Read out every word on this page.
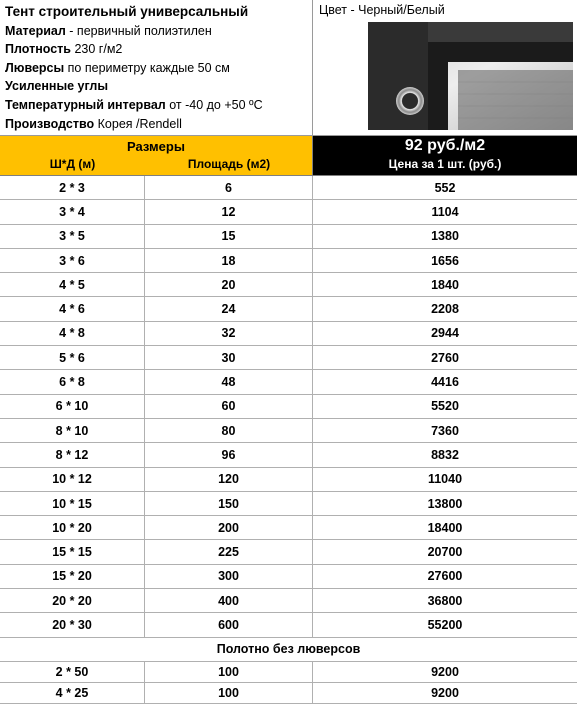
Тент строительный универсальный
Материал - первичный полиэтилен
Плотность 230 г/м2
Люверсы по периметру каждые 50 см
Усиленные углы
Температурный интервал от -40 до +50 ºС
Производство Корея /Rendell
Цвет - Черный/Белый
Размеры
Ш*Д (м)	Площадь (м2)
92 руб./м2
Цена за 1 шт. (руб.)
2 * 3	6	552
3 * 4	12	1104
3 * 5	15	1380
3 * 6	18	1656
4 * 5	20	1840
4 * 6	24	2208
4 * 8	32	2944
5 * 6	30	2760
6 * 8	48	4416
6 * 10	60	5520
8 * 10	80	7360
8 * 12	96	8832
10 * 12	120	11040
10 * 15	150	13800
10 * 20	200	18400
15 * 15	225	20700
15 * 20	300	27600
20 * 20	400	36800
20 * 30	600	55200
Полотно без люверсов
2 * 50	100	9200
4 * 25	100	9200
